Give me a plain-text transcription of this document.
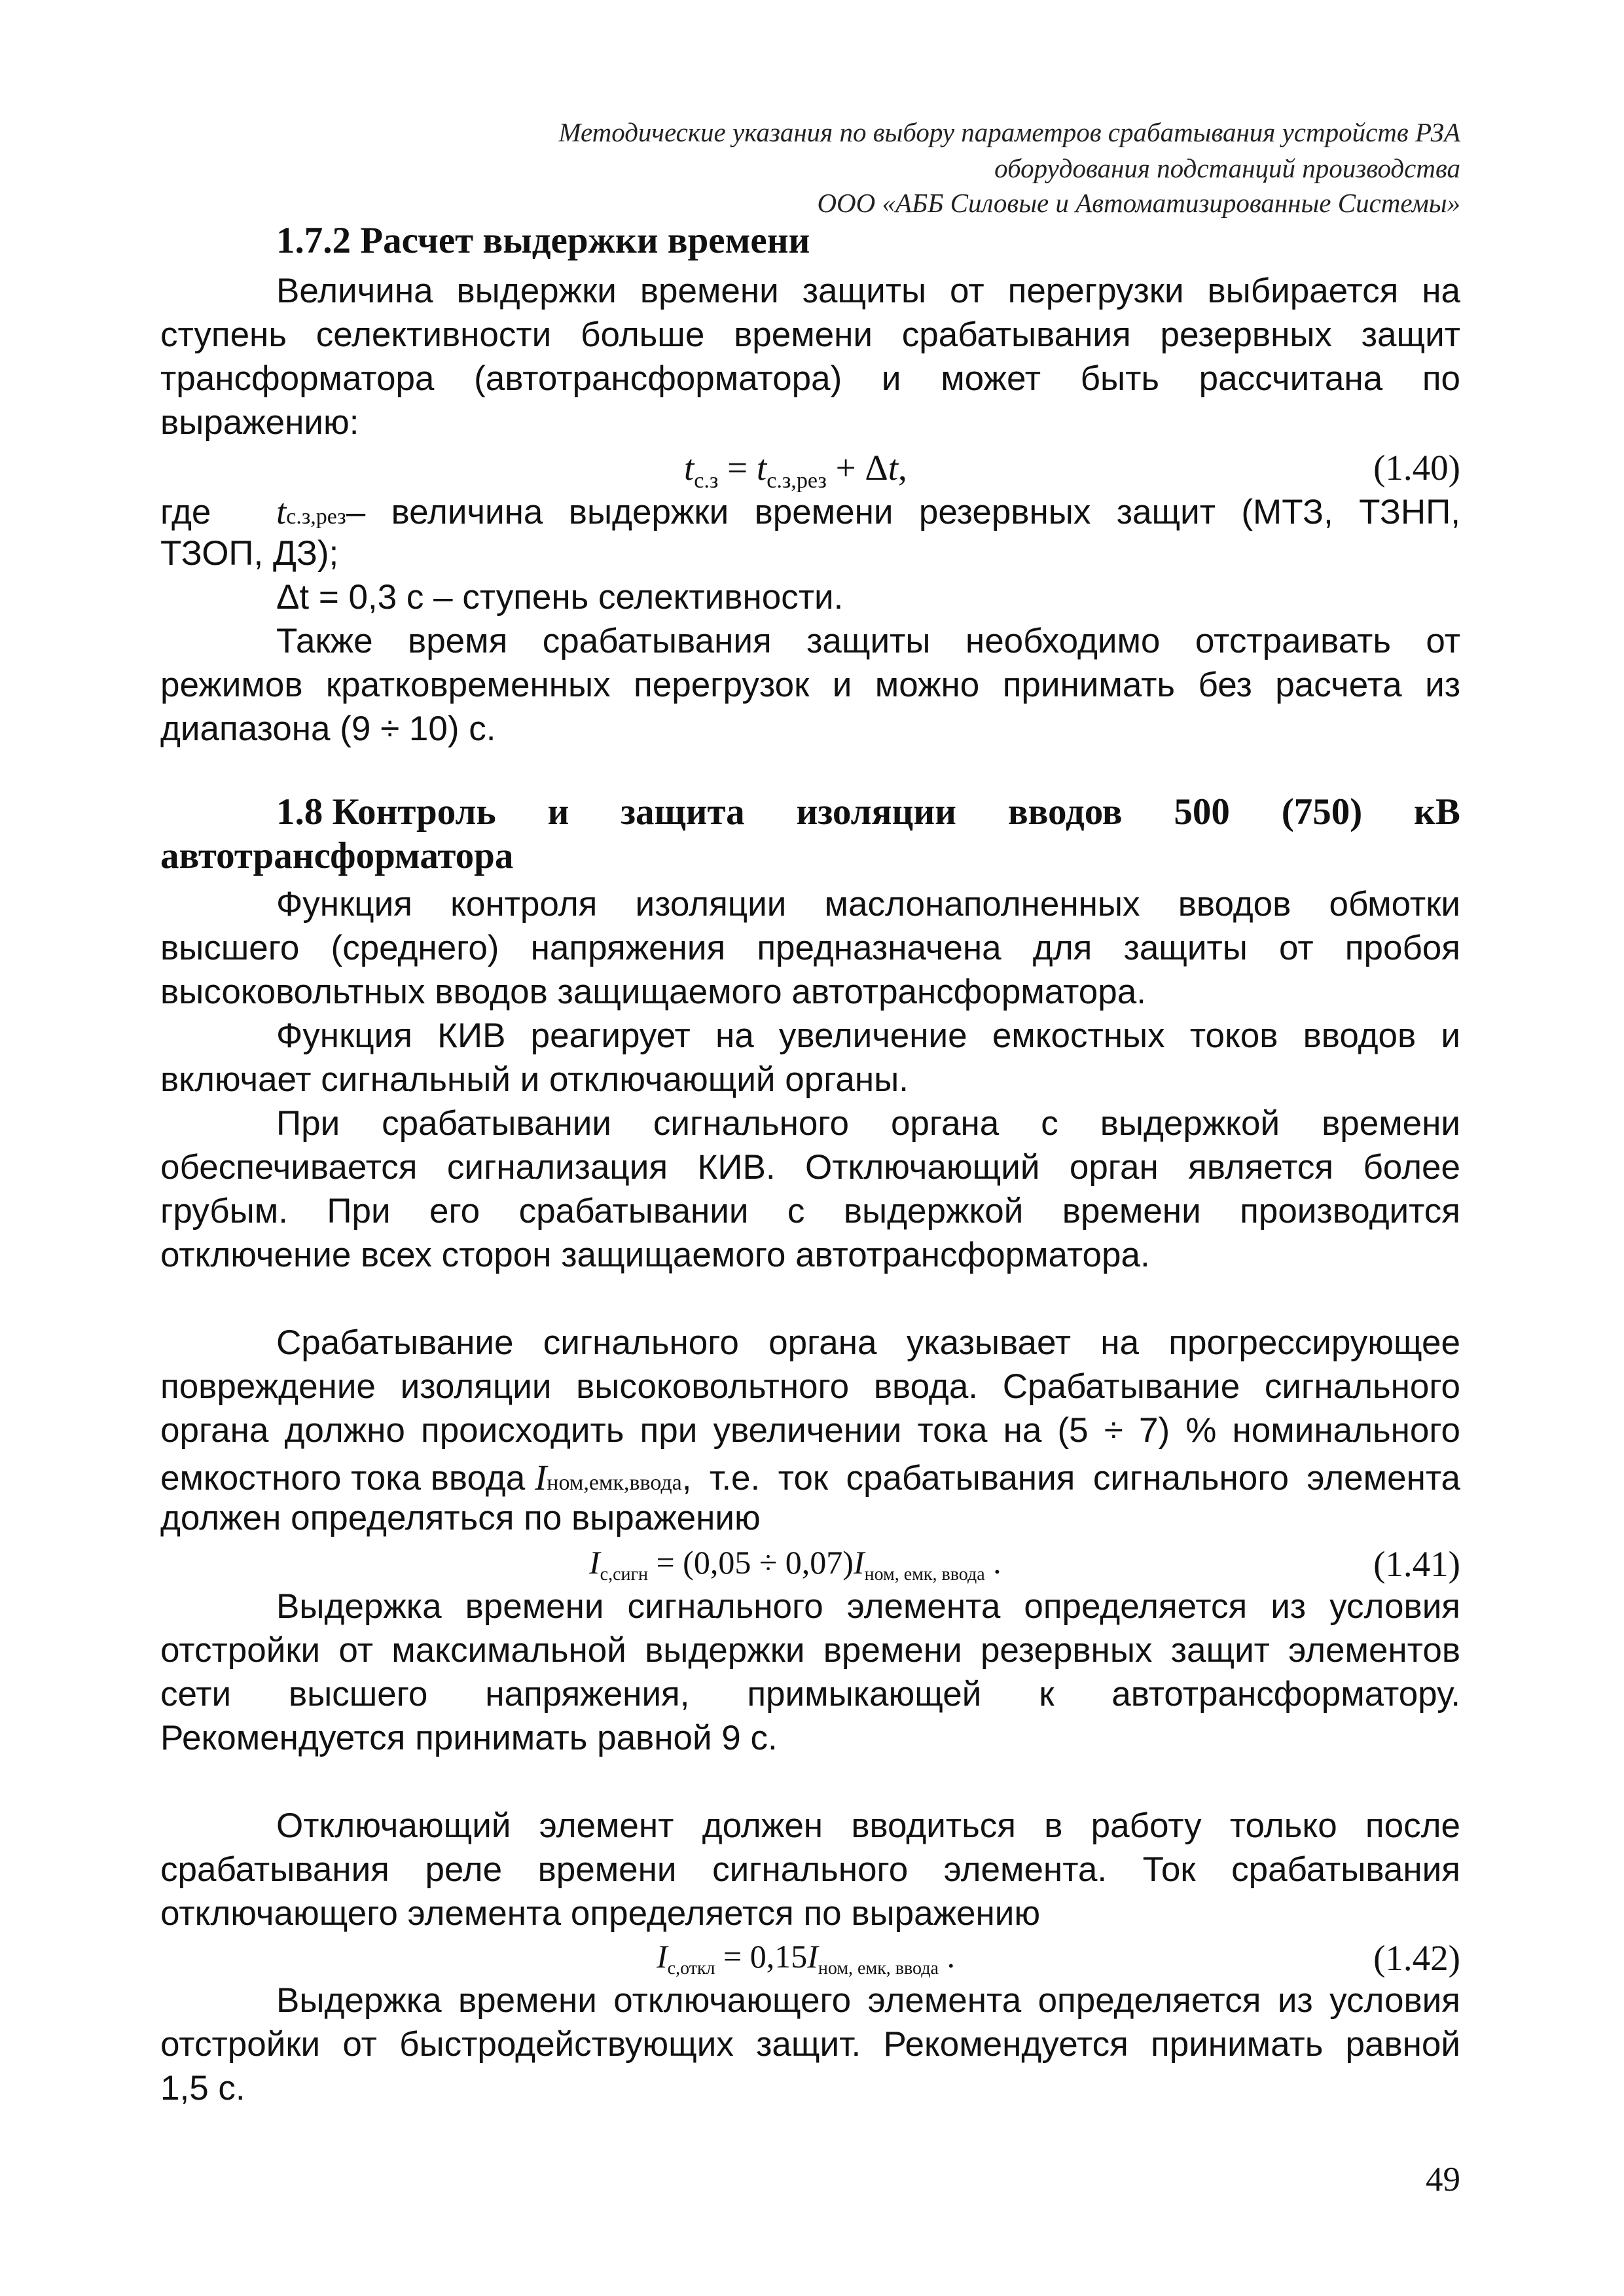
Методические указания по выбору параметров срабатывания устройств РЗА
оборудования подстанций производства
ООО «АББ Силовые и Автоматизированные Системы»
1.7.2 Расчет выдержки времени
Величина выдержки времени защиты от перегрузки выбирается на
ступень селективности больше времени срабатывания резервных защит
трансформатора (автотрансформатора) и может быть рассчитана по
выражению:
$t_{с.з} = t_{с.з,рез} + \Delta t$,	(1.40)
где t с.з,рез – величина выдержки времени резервных защит (МТЗ, ТЗНП,
ТЗОП, ДЗ);
Δt = 0,3 с – ступень селективности.
Также время срабатывания защиты необходимо отстраивать от
режимов кратковременных перегрузок и можно принимать без расчета из
диапазона (9 ÷ 10) с.
1.8 Контроль и защита изоляции вводов 500 (750) кВ
автотрансформатора
Функция контроля изоляции маслонаполненных вводов обмотки
высшего (среднего) напряжения предназначена для защиты от пробоя
высоковольтных вводов защищаемого автотрансформатора.
Функция КИВ реагирует на увеличение емкостных токов вводов и
включает сигнальный и отключающий органы.
При срабатывании сигнального органа с выдержкой времени
обеспечивается сигнализация КИВ. Отключающий орган является более
грубым. При его срабатывании с выдержкой времени производится
отключение всех сторон защищаемого автотрансформатора.
Срабатывание сигнального органа указывает на прогрессирующее
повреждение изоляции высоковольтного ввода. Срабатывание сигнального
органа должно происходить при увеличении тока на (5 ÷ 7) % номинального
емкостного тока ввода I ном,емк,ввода , т.е. ток срабатывания сигнального элемента
должен определяться по выражению
$I_{с,сигн} = (0,05 \div 0,07)I_{ном, емк, ввода}$ .	(1.41)
Выдержка времени сигнального элемента определяется из условия
отстройки от максимальной выдержки времени резервных защит элементов
сети высшего напряжения, примыкающей к автотрансформатору.
Рекомендуется принимать равной 9 с.
Отключающий элемент должен вводиться в работу только после
срабатывания реле времени сигнального элемента. Ток срабатывания
отключающего элемента определяется по выражению
$I_{с,откл} = 0,15I_{ном, емк, ввода}$ .	(1.42)
Выдержка времени отключающего элемента определяется из условия
отстройки от быстродействующих защит. Рекомендуется принимать равной
1,5 с.
49
